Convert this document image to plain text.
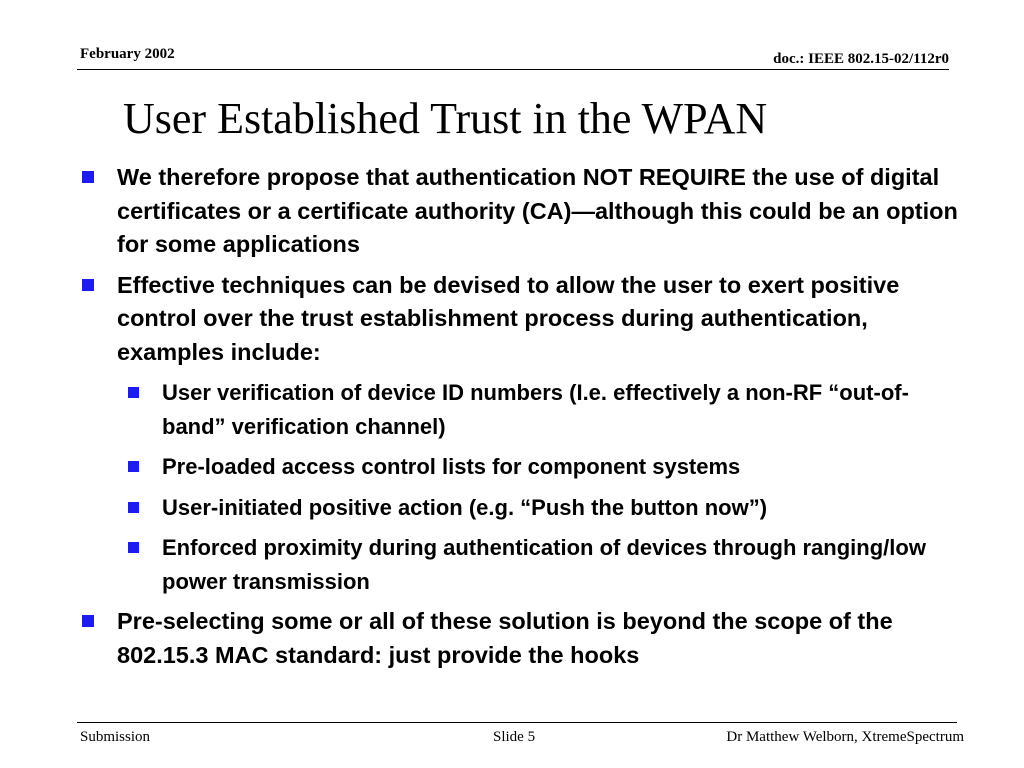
February 2002	doc.: IEEE 802.15-02/112r0
User Established Trust in the WPAN
We therefore propose that authentication NOT REQUIRE the use of digital certificates or a certificate authority (CA)—although this could be an option for some applications
Effective techniques can be devised to allow the user to exert positive control over the trust establishment process during authentication, examples include:
User verification of device ID numbers (I.e. effectively a non-RF “out-of-band” verification channel)
Pre-loaded access control lists for component systems
User-initiated positive action (e.g. “Push the button now”)
Enforced proximity during authentication of devices through ranging/low power transmission
Pre-selecting some or all of these solution is beyond the scope of the 802.15.3 MAC standard: just provide the hooks
Submission	Slide 5	Dr Matthew Welborn, XtremeSpectrum
